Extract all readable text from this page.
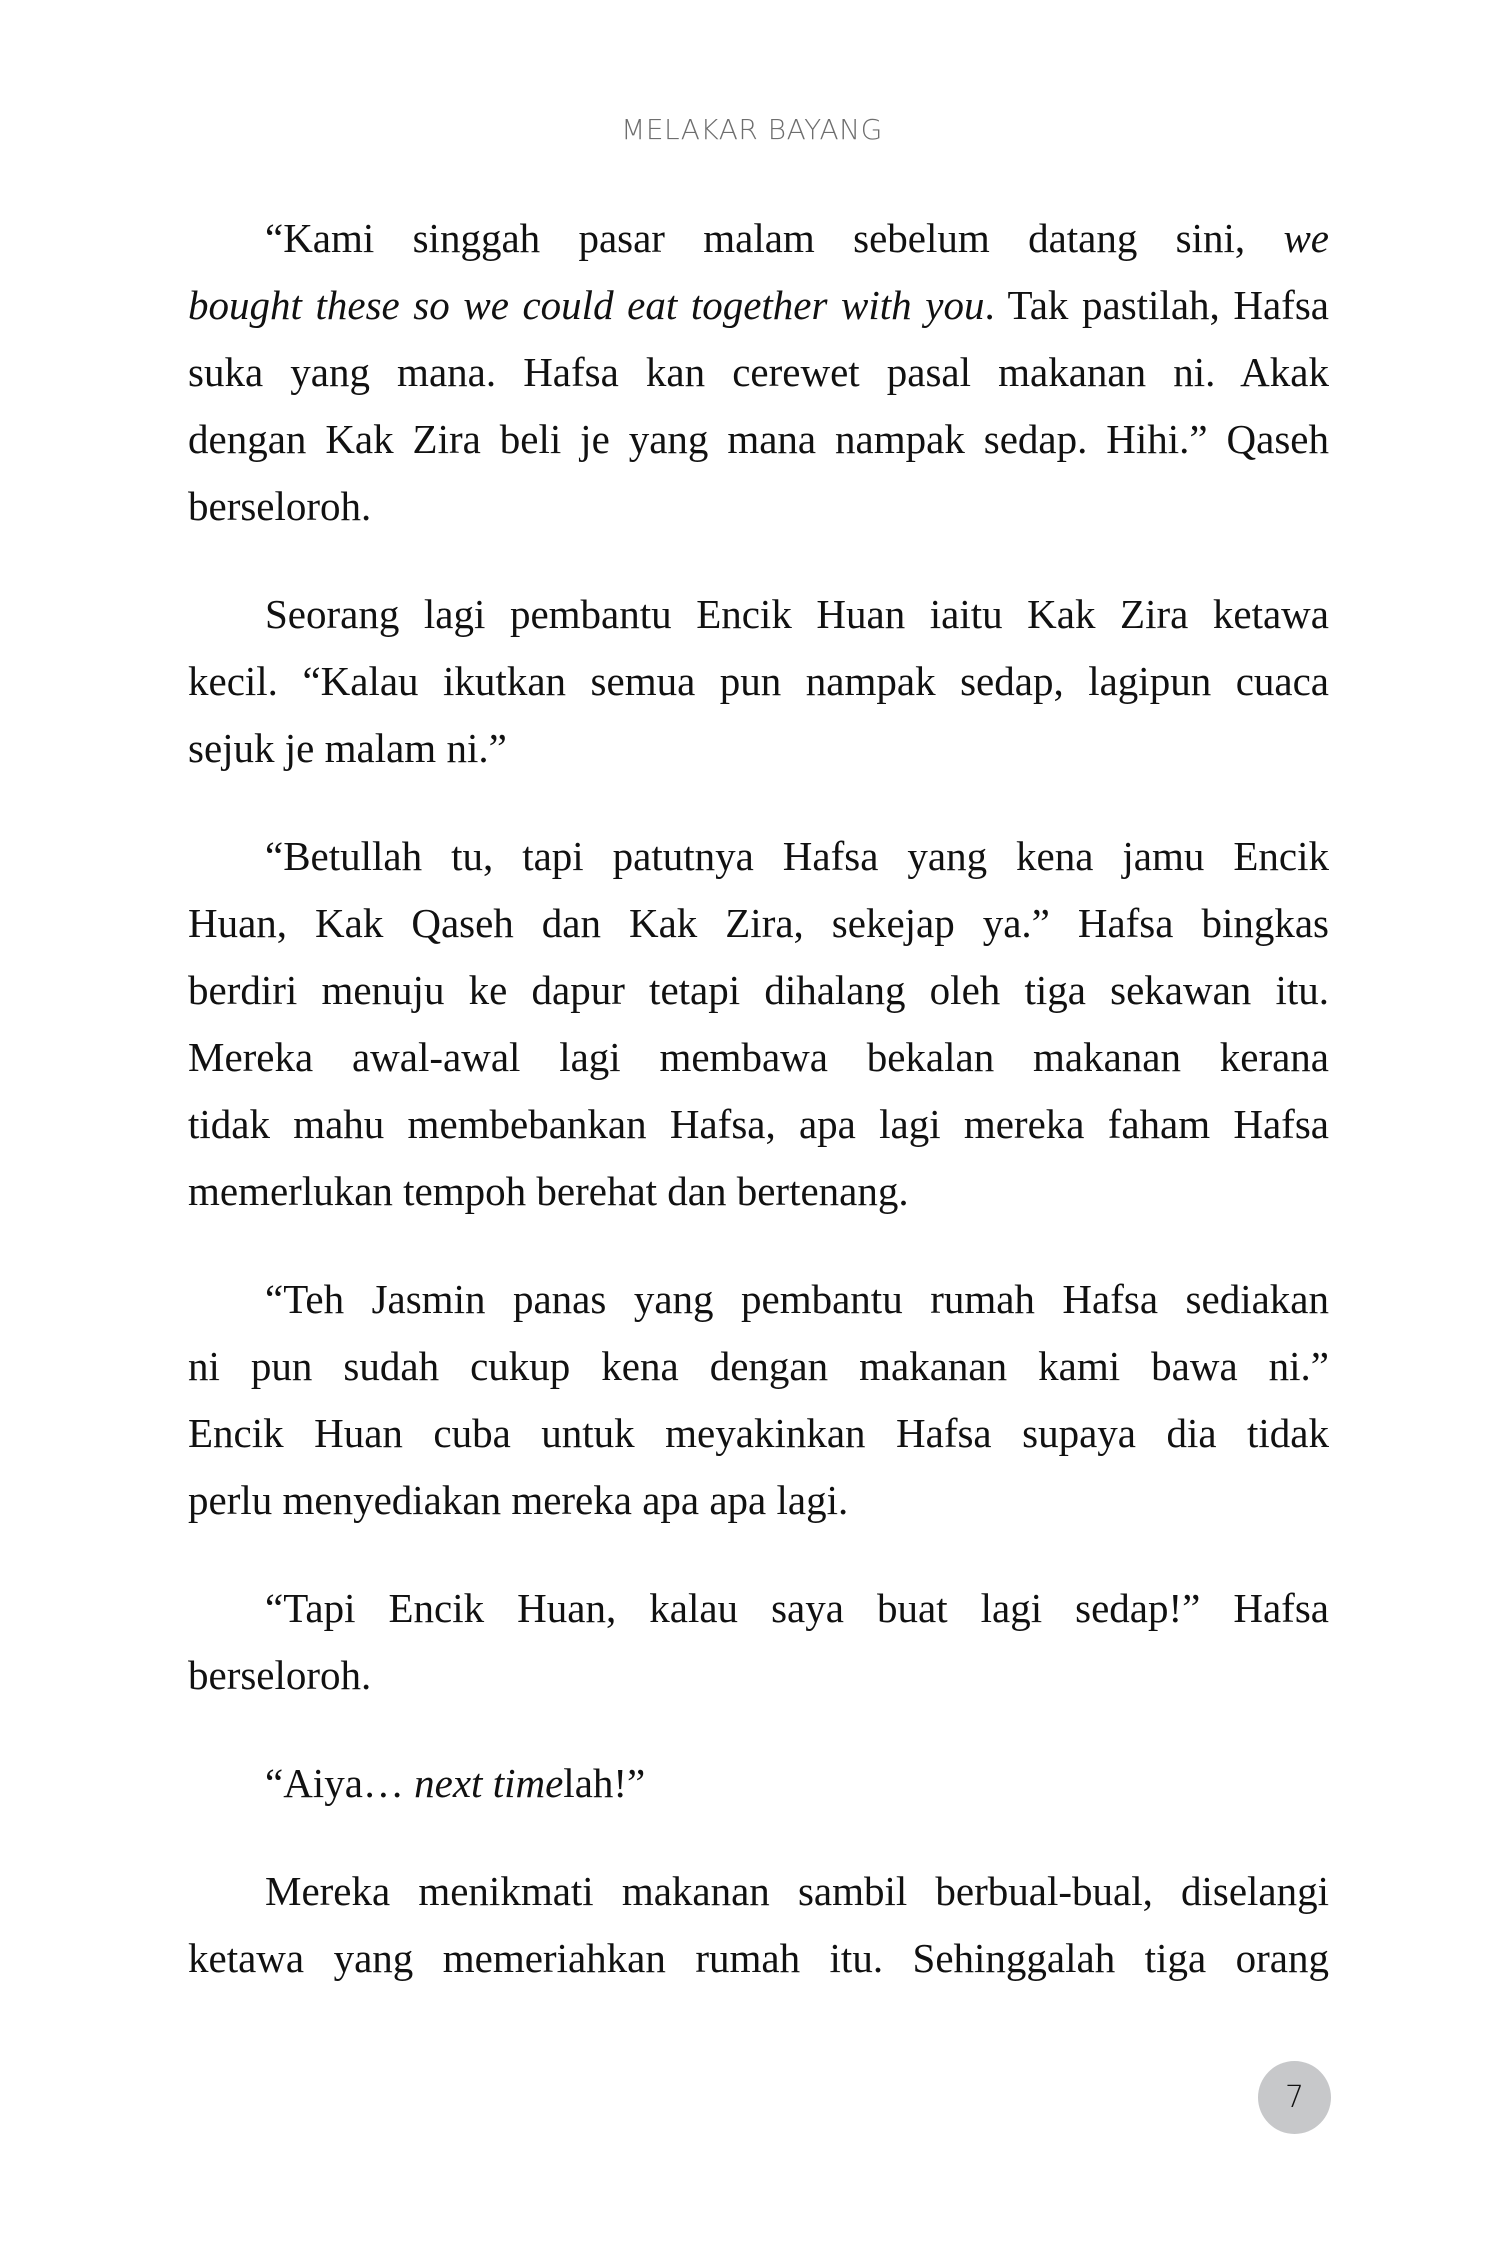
MELAKAR BAYANG
“Kami singgah pasar malam sebelum datang sini, we
bought these so we could eat together with you. Tak pastilah, Hafsa
suka yang mana. Hafsa kan cerewet pasal makanan ni. Akak
dengan Kak Zira beli je yang mana nampak sedap. Hihi.” Qaseh
berseloroh.
Seorang lagi pembantu Encik Huan iaitu Kak Zira ketawa
kecil. “Kalau ikutkan semua pun nampak sedap, lagipun cuaca
sejuk je malam ni.”
“Betullah tu, tapi patutnya Hafsa yang kena jamu Encik
Huan, Kak Qaseh dan Kak Zira, sekejap ya.” Hafsa bingkas
berdiri menuju ke dapur tetapi dihalang oleh tiga sekawan itu.
Mereka awal-awal lagi membawa bekalan makanan kerana
tidak mahu membebankan Hafsa, apa lagi mereka faham Hafsa
memerlukan tempoh berehat dan bertenang.
“Teh Jasmin panas yang pembantu rumah Hafsa sediakan
ni pun sudah cukup kena dengan makanan kami bawa ni.”
Encik Huan cuba untuk meyakinkan Hafsa supaya dia tidak
perlu menyediakan mereka apa apa lagi.
“Tapi Encik Huan, kalau saya buat lagi sedap!” Hafsa
berseloroh.
“Aiya… next timelah!”
Mereka menikmati makanan sambil berbual-bual, diselangi
ketawa yang memeriahkan rumah itu. Sehinggalah tiga orang
7
